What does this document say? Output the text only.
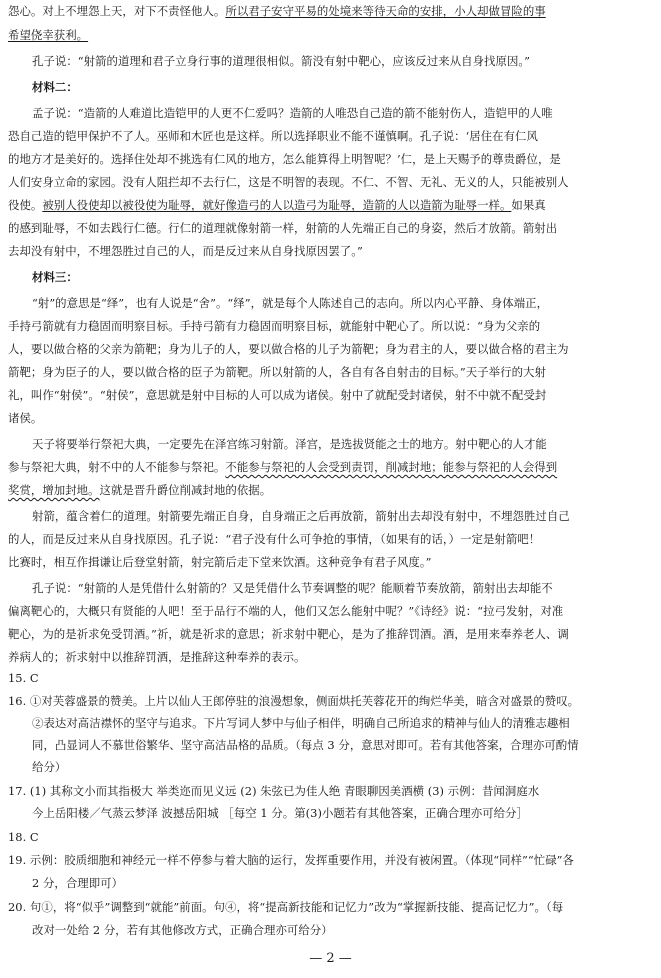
怨心。对上不埋怨上天，对下不责怪他人。所以君子安守平易的处境来等待天命的安排，小人却做冒险的事
希望侥幸获利。
孔子说：“射箭的道理和君子立身行事的道理很相似。箭没有射中靶心，应该反过来从自身找原因。”
材料二：
孟子说：“造箭的人难道比造铠甲的人更不仁爱吗？造箭的人唯恐自己造的箭不能射伤人，造铠甲的人唯
恐自己造的铠甲保护不了人。巫师和木匠也是这样。所以选择职业不能不谨慎啊。孔子说：‘居住在有仁风
的地方才是美好的。选择住处却不挑选有仁风的地方，怎么能算得上明智呢？’仁，是上天赐予的尊贵爵位，是
人们安身立命的家园。没有人阻拦却不去行仁，这是不明智的表现。不仁、不智、无礼、无义的人，只能被别人
役使。被别人役使却以被役使为耻辱，就好像造弓的人以造弓为耻辱，造箭的人以造箭为耻辱一样。如果真
的感到耻辱，不如去践行仁德。行仁的道理就像射箭一样，射箭的人先端正自己的身姿，然后才放箭。箭射出
去却没有射中，不埋怨胜过自己的人，而是反过来从自身找原因罢了。”
材料三：
“射”的意思是“绎”，也有人说是“舍”。“绎”，就是每个人陈述自己的志向。所以内心平静、身体端正，
手持弓箭就有力稳固而明察目标。手持弓箭有力稳固而明察目标，就能射中靶心了。所以说：“身为父亲的
人，要以做合格的父亲为箭靶；身为儿子的人，要以做合格的儿子为箭靶；身为君主的人，要以做合格的君主为
箭靶；身为臣子的人，要以做合格的臣子为箭靶。所以射箭的人，各自有各自射击的目标。”天子举行的大射
礼，叫作“射侯”。“射侯”，意思就是射中目标的人可以成为诸侯。射中了就配受封诸侯，射不中就不配受封
诸侯。
天子将要举行祭祀大典，一定要先在泽宫练习射箭。泽宫，是选拔贤能之士的地方。射中靶心的人才能
参与祭祀大典，射不中的人不能参与祭祀。不能参与祭祀的人会受到责罚，削减封地；能参与祭祀的人会得到
奖赏，增加封地。这就是晋升爵位削减封地的依据。
射箭，蕴含着仁的道理。射箭要先端正自身，自身端正之后再放箭，箭射出去却没有射中，不埋怨胜过自己
的人，而是反过来从自身找原因。孔子说：“君子没有什么可争抢的事情，（如果有的话，）一定是射箭吧！
比赛时，相互作揖谦让后登堂射箭，射完箭后走下堂来饮酒。这种竞争有君子风度。”
孔子说：“射箭的人是凭借什么射箭的？又是凭借什么节奏调整的呢？能顺着节奏放箭，箭射出去却能不
偏离靶心的，大概只有贤能的人吧！至于品行不端的人，他们又怎么能射中呢？”《诗经》说：“拉弓发射，对准
靶心，为的是祈求免受罚酒。”祈，就是祈求的意思；祈求射中靶心，是为了推辞罚酒。酒，是用来奉养老人、调
养病人的；祈求射中以推辞罚酒，是推辞这种奉养的表示。
15. C
16. ①对芙蓉盛景的赞美。上片以仙人王郎停驻的浪漫想象，侧面烘托芙蓉花开的绚烂华美，暗含对盛景的赞叹。
②表达对高洁襟怀的坚守与追求。下片写词人梦中与仙子相伴，明确自己所追求的精神与仙人的清雅志趣相
同，凸显词人不慕世俗繁华、坚守高洁品格的品质。（每点 3 分，意思对即可。若有其他答案，合理亦可酌情
给分）
17. (1) 其称文小而其指极大 举类迩而见义远 (2) 朱弦已为佳人绝 青眼聊因美酒横 (3) 示例：昔闻洞庭水
今上岳阳楼／气蒸云梦泽 波撼岳阳城 ［每空 1 分。第(3)小题若有其他答案，正确合理亦可给分］
18. C
19. 示例：胶质细胞和神经元一样不停参与着大脑的运行，发挥重要作用，并没有被闲置。（体现“同样”“忙碌”各
2 分，合理即可）
20. 句①，将“似乎”调整到“就能”前面。句④，将“提高新技能和记忆力”改为“掌握新技能、提高记忆力”。（每
改对一处给 2 分，若有其他修改方式，正确合理亦可给分）
— 2 —
